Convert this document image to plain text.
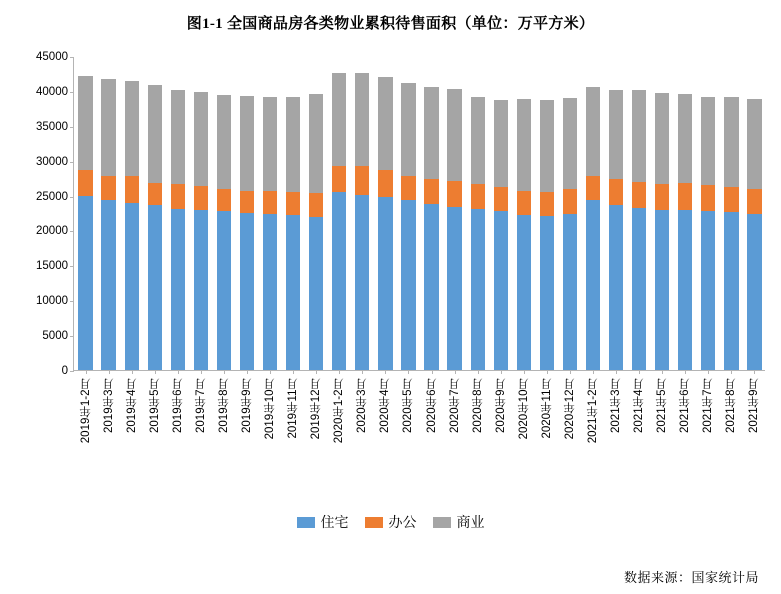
图1-1 全国商品房各类物业累积待售面积（单位：万平方米）
0
5000
10000
15000
20000
25000
30000
35000
40000
45000
2019年1-2月 2019年3月 2019年4月 2019年5月 2019年6月 2019年7月 2019年8月 2019年9月 2019年10月 2019年11月 2019年12月 2020年1-2月 2020年3月 2020年4月 2020年5月 2020年6月 2020年7月 2020年8月 2020年9月 2020年10月 2020年11月 2020年12月 2021年1-2月 2021年3月 2021年4月 2021年5月 2021年6月 2021年7月 2021年8月 2021年9月
住宅	办公	商业
数据来源：国家统计局
